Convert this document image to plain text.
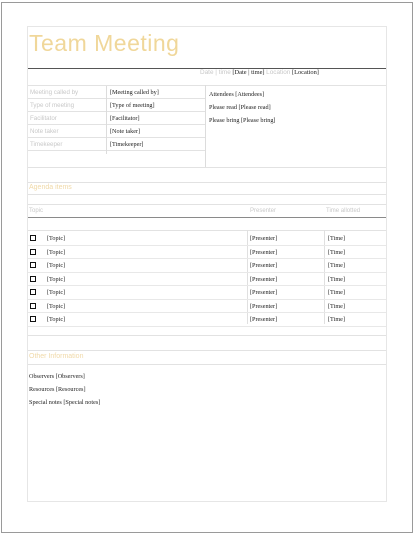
Team Meeting
Date | time [Date | time] Location [Location]
Meeting called by	[Meeting called by]
Type of meeting	[Type of meeting]
Facilitator	[Facilitator]
Note taker	[Note taker]
Timekeeper	[Timekeeper]
Attendees [Attendees]
Please read [Please read]
Please bring [Please bring]
Agenda items
Topic	Presenter	Time allotted
[Topic]	[Presenter]	[Time]
[Topic]	[Presenter]	[Time]
[Topic]	[Presenter]	[Time]
[Topic]	[Presenter]	[Time]
[Topic]	[Presenter]	[Time]
[Topic]	[Presenter]	[Time]
[Topic]	[Presenter]	[Time]
Other Information
Observers [Observers]
Resources [Resources]
Special notes [Special notes]
